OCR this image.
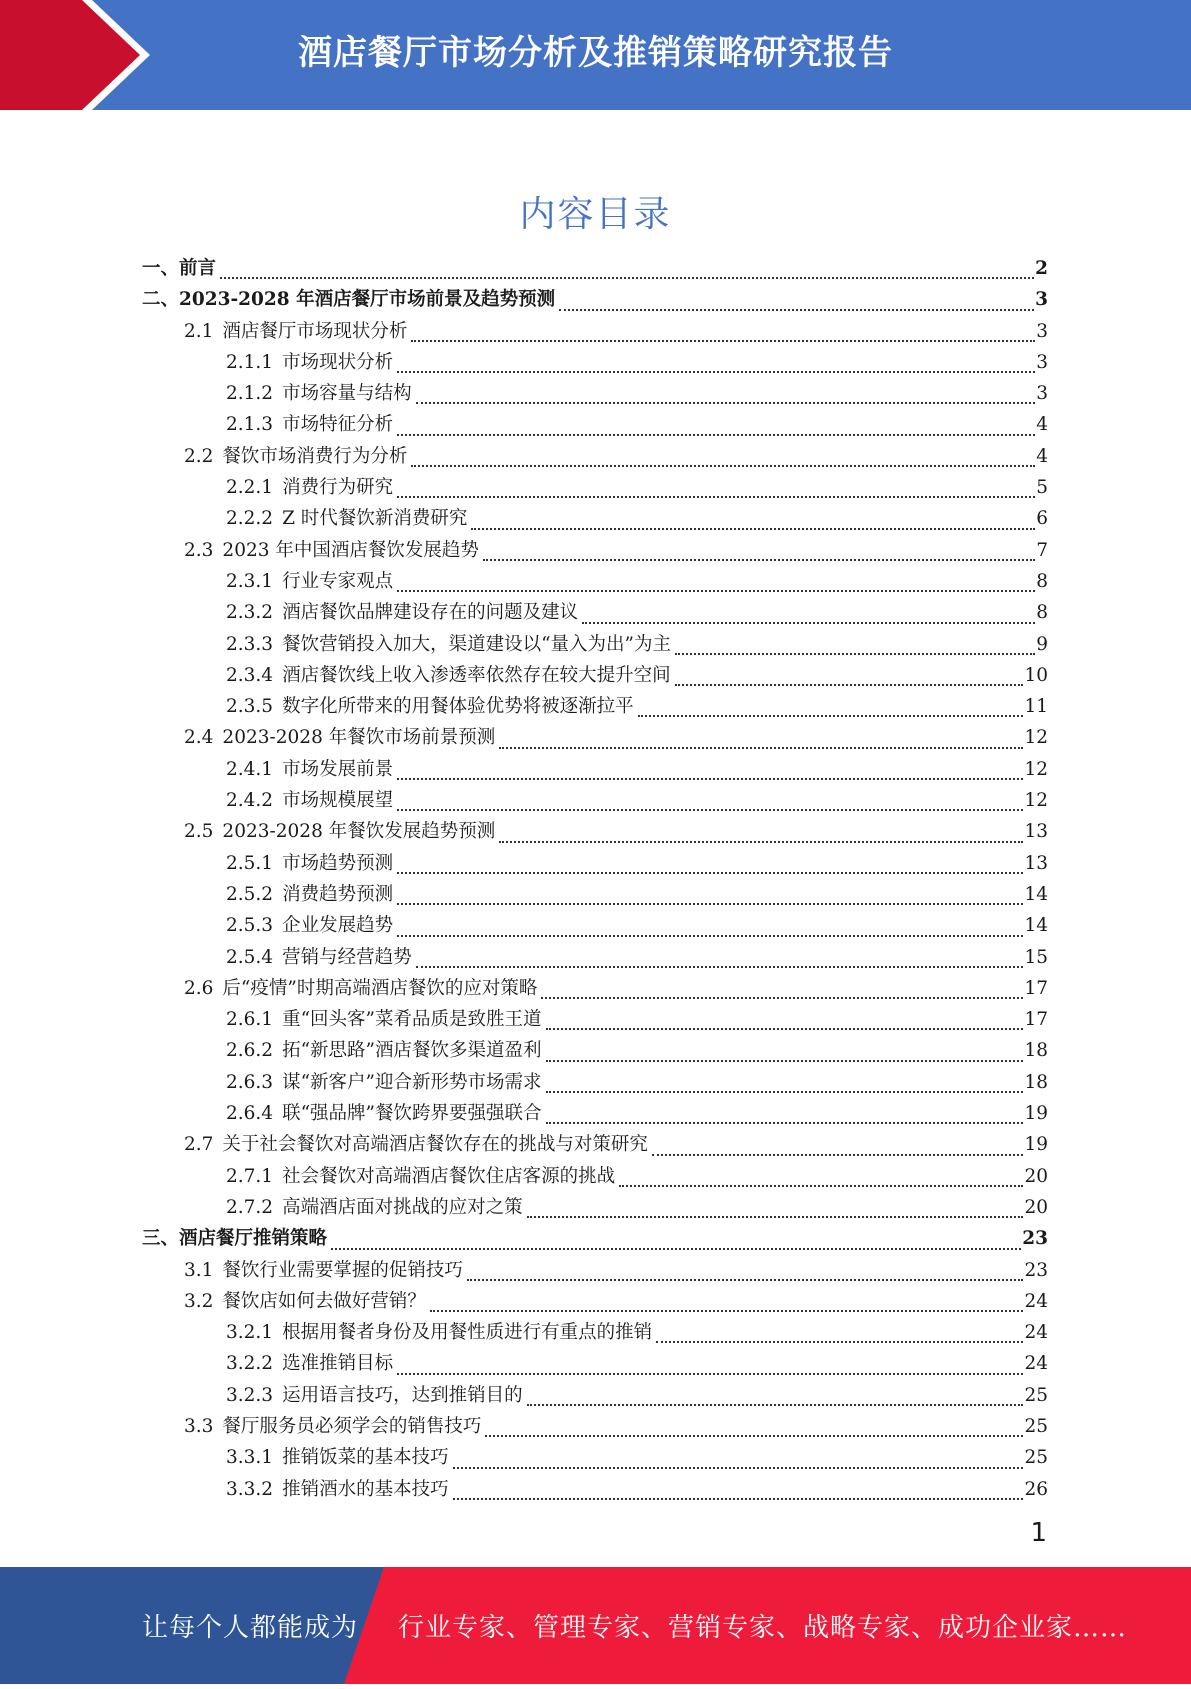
酒店餐厅市场分析及推销策略研究报告
内容目录
一、前言	2
二、2023-2028 年酒店餐厅市场前景及趋势预测	3
2.1 酒店餐厅市场现状分析	3
2.1.1 市场现状分析	3
2.1.2 市场容量与结构	3
2.1.3 市场特征分析	4
2.2 餐饮市场消费行为分析	4
2.2.1 消费行为研究	5
2.2.2 Z 时代餐饮新消费研究	6
2.3 2023 年中国酒店餐饮发展趋势	7
2.3.1 行业专家观点	8
2.3.2 酒店餐饮品牌建设存在的问题及建议	8
2.3.3 餐饮营销投入加大，渠道建设以“量入为出”为主	9
2.3.4 酒店餐饮线上收入渗透率依然存在较大提升空间	10
2.3.5 数字化所带来的用餐体验优势将被逐渐拉平	11
2.4 2023-2028 年餐饮市场前景预测	12
2.4.1 市场发展前景	12
2.4.2 市场规模展望	12
2.5 2023-2028 年餐饮发展趋势预测	13
2.5.1 市场趋势预测	13
2.5.2 消费趋势预测	14
2.5.3 企业发展趋势	14
2.5.4 营销与经营趋势	15
2.6 后“疫情”时期高端酒店餐饮的应对策略	17
2.6.1 重“回头客”菜肴品质是致胜王道	17
2.6.2 拓“新思路”酒店餐饮多渠道盈利	18
2.6.3 谋“新客户”迎合新形势市场需求	18
2.6.4 联“强品牌”餐饮跨界要强强联合	19
2.7 关于社会餐饮对高端酒店餐饮存在的挑战与对策研究	19
2.7.1 社会餐饮对高端酒店餐饮住店客源的挑战	20
2.7.2 高端酒店面对挑战的应对之策	20
三、酒店餐厅推销策略	23
3.1 餐饮行业需要掌握的促销技巧	23
3.2 餐饮店如何去做好营销？	24
3.2.1 根据用餐者身份及用餐性质进行有重点的推销	24
3.2.2 选准推销目标	24
3.2.3 运用语言技巧，达到推销目的	25
3.3 餐厅服务员必须学会的销售技巧	25
3.3.1 推销饭菜的基本技巧	25
3.3.2 推销酒水的基本技巧	26
1
让每个人都能成为 行业专家、管理专家、营销专家、战略专家、成功企业家……
